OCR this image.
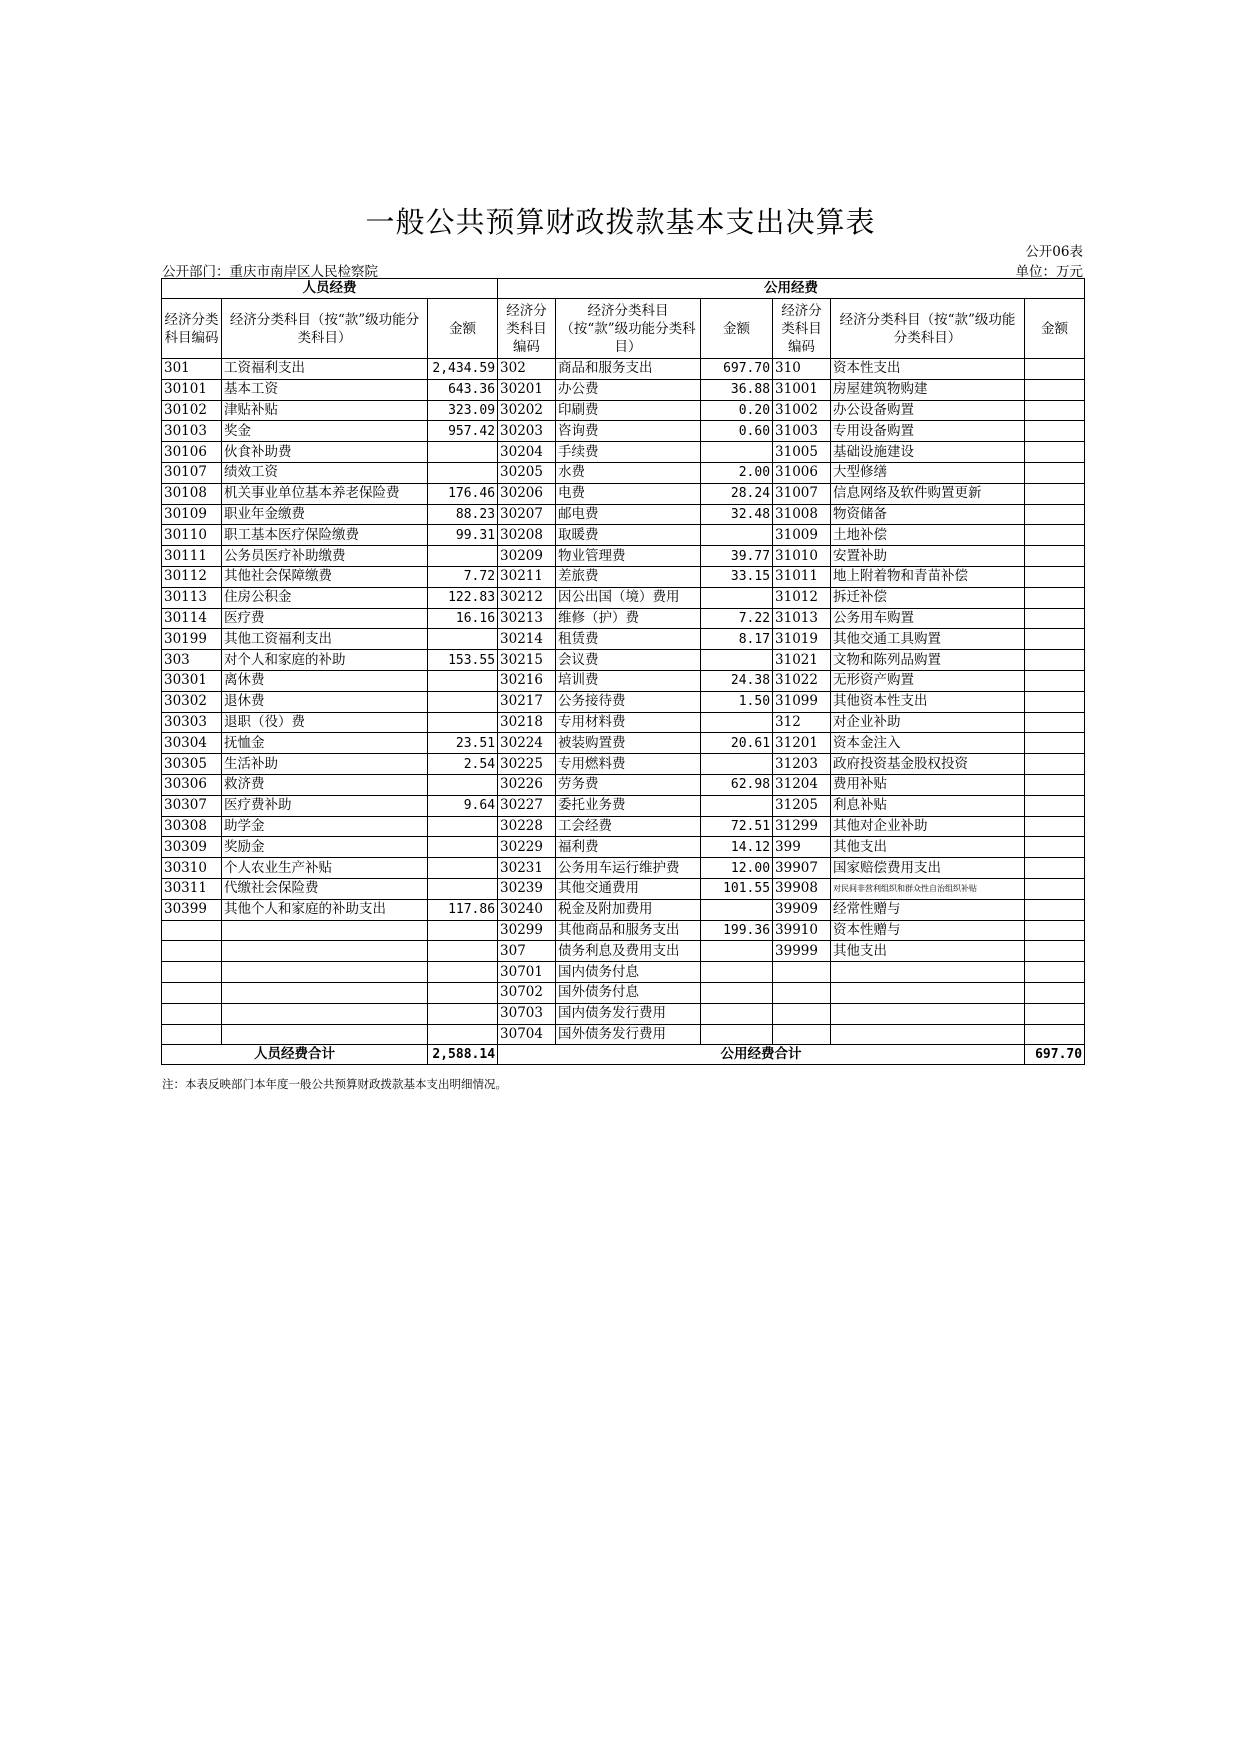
一般公共预算财政拨款基本支出决算表
公开06表
公开部门：重庆市南岸区人民检察院	单位：万元
人员经费			公用经费					
经济分类科目编码	经济分类科目（按“款”级功能分类科目）	金额	经济分类科目编码	经济分类科目（按“款”级功能分类科目）	金额	经济分类科目编码	经济分类科目（按“款”级功能分类科目）	金额
301	工资福利支出	2,434.59	302	商品和服务支出	697.70	310	资本性支出	
30101	基本工资	643.36	30201	办公费	36.88	31001	房屋建筑物购建	
30102	津贴补贴	323.09	30202	印刷费	0.20	31002	办公设备购置	
30103	奖金	957.42	30203	咨询费	0.60	31003	专用设备购置	
30106	伙食补助费		30204	手续费		31005	基础设施建设	
30107	绩效工资		30205	水费	2.00	31006	大型修缮	
30108	机关事业单位基本养老保险费	176.46	30206	电费	28.24	31007	信息网络及软件购置更新	
30109	职业年金缴费	88.23	30207	邮电费	32.48	31008	物资储备	
30110	职工基本医疗保险缴费	99.31	30208	取暖费		31009	土地补偿	
30111	公务员医疗补助缴费		30209	物业管理费	39.77	31010	安置补助	
30112	其他社会保障缴费	7.72	30211	差旅费	33.15	31011	地上附着物和青苗补偿	
30113	住房公积金	122.83	30212	因公出国（境）费用		31012	拆迁补偿	
30114	医疗费	16.16	30213	维修（护）费	7.22	31013	公务用车购置	
30199	其他工资福利支出		30214	租赁费	8.17	31019	其他交通工具购置	
303	对个人和家庭的补助	153.55	30215	会议费		31021	文物和陈列品购置	
30301	离休费		30216	培训费	24.38	31022	无形资产购置	
30302	退休费		30217	公务接待费	1.50	31099	其他资本性支出	
30303	退职（役）费		30218	专用材料费		312	对企业补助	
30304	抚恤金	23.51	30224	被装购置费	20.61	31201	资本金注入	
30305	生活补助	2.54	30225	专用燃料费		31203	政府投资基金股权投资	
30306	救济费		30226	劳务费	62.98	31204	费用补贴	
30307	医疗费补助	9.64	30227	委托业务费		31205	利息补贴	
30308	助学金		30228	工会经费	72.51	31299	其他对企业补助	
30309	奖励金		30229	福利费	14.12	399	其他支出	
30310	个人农业生产补贴		30231	公务用车运行维护费	12.00	39907	国家赔偿费用支出	
30311	代缴社会保险费		30239	其他交通费用	101.55	39908	对民间非营利组织和群众性自治组织补贴	
30399	其他个人和家庭的补助支出	117.86	30240	税金及附加费用		39909	经常性赠与	
			30299	其他商品和服务支出	199.36	39910	资本性赠与	
			307	债务利息及费用支出		39999	其他支出	
			30701	国内债务付息				
			30702	国外债务付息				
			30703	国内债务发行费用				
			30704	国外债务发行费用				
人员经费合计		2,588.14	公用经费合计					697.70
注：本表反映部门本年度一般公共预算财政拨款基本支出明细情况。
